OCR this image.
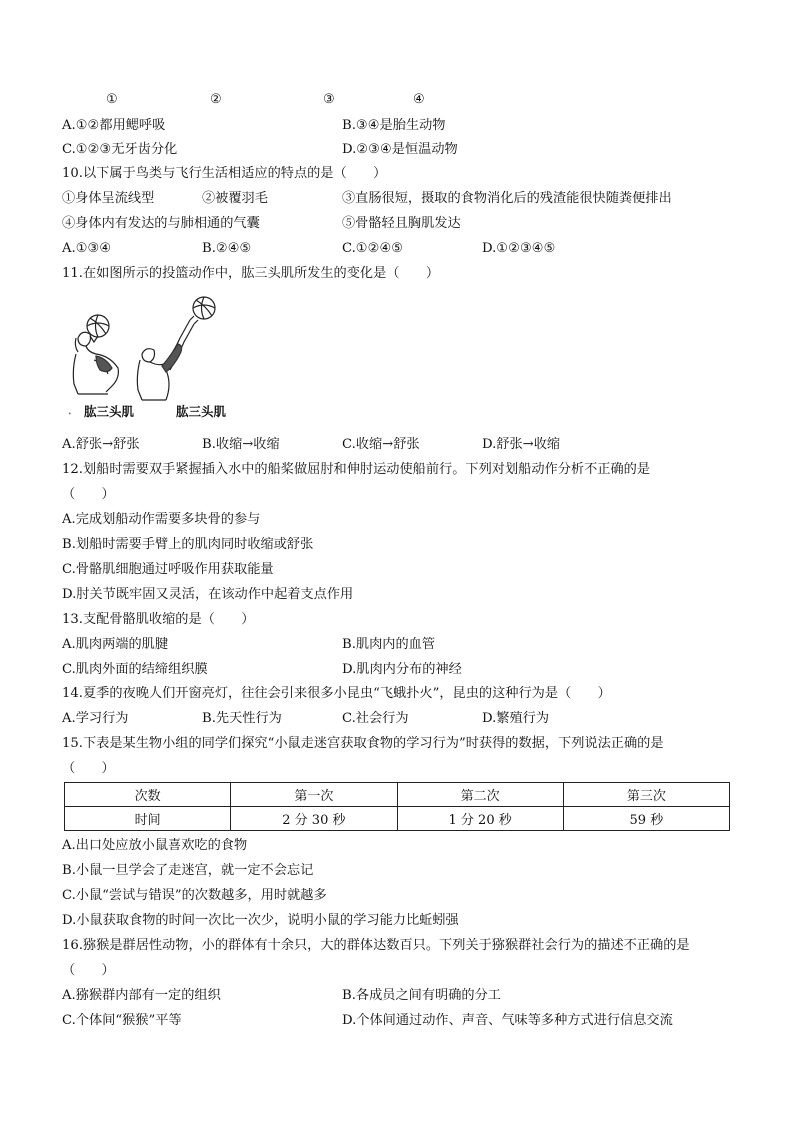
①	②	③	④
A.①②都用鳃呼吸	B.③④是胎生动物
C.①②③无牙齿分化	D.②③④是恒温动物
10.以下属于鸟类与飞行生活相适应的特点的是（　　）
①身体呈流线型	②被覆羽毛	③直肠很短，摄取的食物消化后的残渣能很快随粪便排出
④身体内有发达的与肺相通的气囊	⑤骨骼轻且胸肌发达
A.①③④	B.②④⑤	C.①②④⑤	D.①②③④⑤
11.在如图所示的投篮动作中，肱三头肌所发生的变化是（　　）
• 肱三头肌	肱三头肌
A.舒张→舒张	B.收缩→收缩	C.收缩→舒张	D.舒张→收缩
12.划船时需要双手紧握插入水中的船桨做屈肘和伸肘运动使船前行。下列对划船动作分析不正确的是
（　　）
A.完成划船动作需要多块骨的参与
B.划船时需要手臂上的肌肉同时收缩或舒张
C.骨骼肌细胞通过呼吸作用获取能量
D.肘关节既牢固又灵活，在该动作中起着支点作用
13.支配骨骼肌收缩的是（　　）
A.肌肉两端的肌腱	B.肌肉内的血管
C.肌肉外面的结缔组织膜	D.肌肉内分布的神经
14.夏季的夜晚人们开窗亮灯，往往会引来很多小昆虫“飞蛾扑火”，昆虫的这种行为是（　　）
A.学习行为	B.先天性行为	C.社会行为	D.繁殖行为
15.下表是某生物小组的同学们探究“小鼠走迷宫获取食物的学习行为”时获得的数据，下列说法正确的是
（　　）
次数	第一次	第二次	第三次
时间	2 分 30 秒	1 分 20 秒	59 秒
A.出口处应放小鼠喜欢吃的食物
B.小鼠一旦学会了走迷宫，就一定不会忘记
C.小鼠“尝试与错误”的次数越多，用时就越多
D.小鼠获取食物的时间一次比一次少，说明小鼠的学习能力比蚯蚓强
16.猕猴是群居性动物，小的群体有十余只，大的群体达数百只。下列关于猕猴群社会行为的描述不正确的是
（　　）
A.猕猴群内部有一定的组织	B.各成员之间有明确的分工
C.个体间“猴猴”平等	D.个体间通过动作、声音、气味等多种方式进行信息交流
